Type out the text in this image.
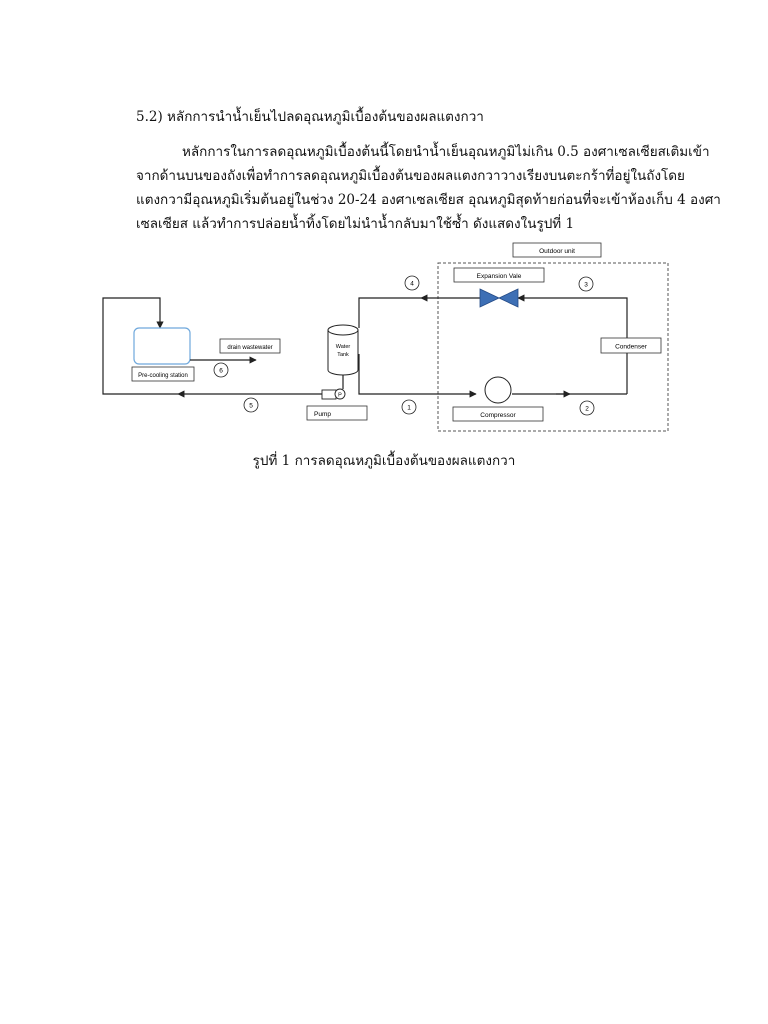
5.2) หลักการนำน้ำเย็นไปลดอุณหภูมิเบื้องต้นของผลแตงกวา
หลักการในการลดอุณหภูมิเบื้องต้นนี้โดยนำน้ำเย็นอุณหภูมิไม่เกิน 0.5 องศาเซลเซียสเติมเข้า
จากด้านบนของถังเพื่อทำการลดอุณหภูมิเบื้องต้นของผลแตงกวาวางเรียงบนตะกร้าที่อยู่ในถังโดย
แตงกวามีอุณหภูมิเริ่มต้นอยู่ในช่วง 20-24 องศาเซลเซียส อุณหภูมิสุดท้ายก่อนที่จะเข้าห้องเก็บ 4 องศา
เซลเซียส แล้วทำการปล่อยน้ำทิ้งโดยไม่นำน้ำกลับมาใช้ซ้ำ ดังแสดงในรูปที่ 1
Outdoor unit
Expansion Vale
Condenser
Compressor
Water
Tank
P
Pump
Pre-cooling station
drain wastewater
1	2
3
4
5
6
รูปที่ 1 การลดอุณหภูมิเบื้องต้นของผลแตงกวา
